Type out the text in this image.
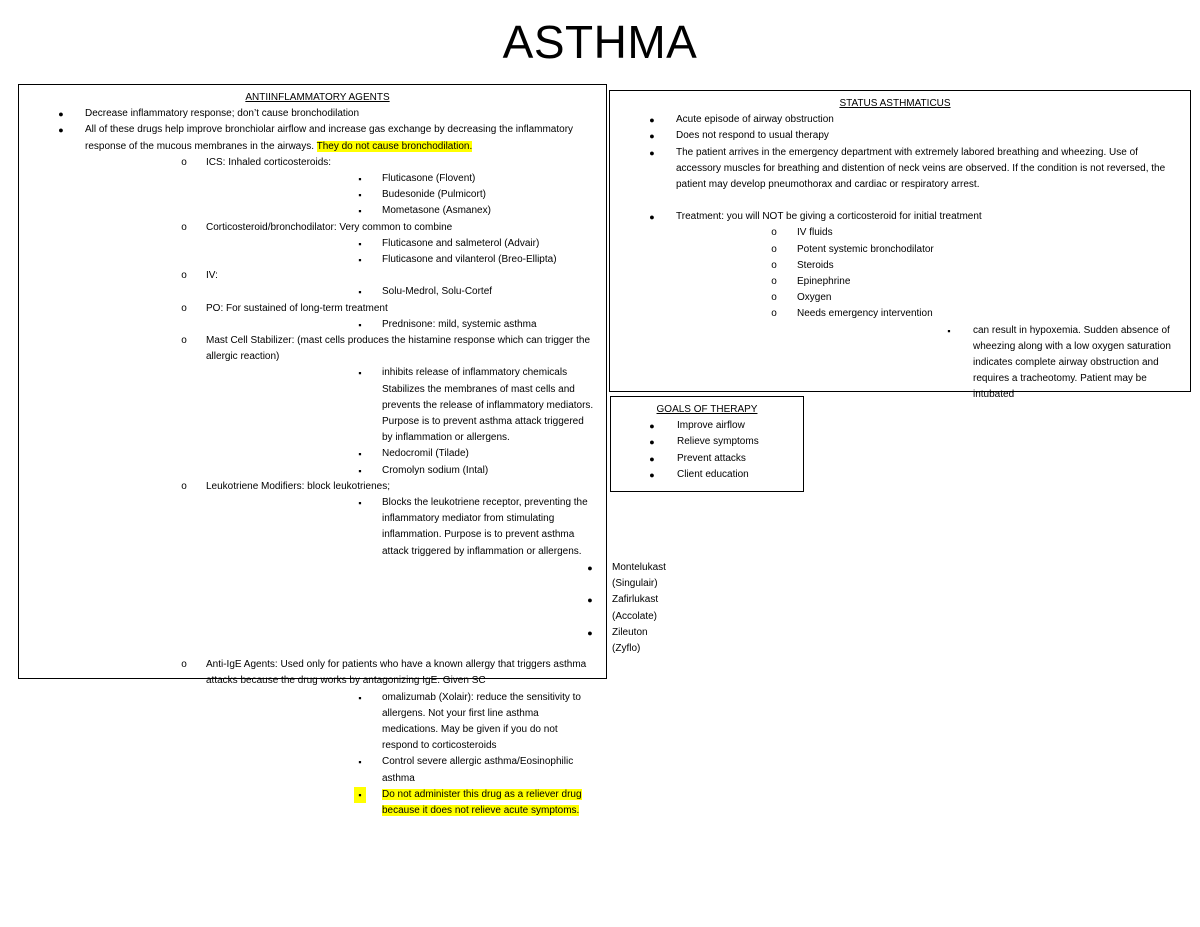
ASTHMA
ANTIINFLAMMATORY AGENTS
●	Decrease inflammatory response; don’t cause bronchodilation
●	All of these drugs help improve bronchiolar airflow and increase gas exchange by decreasing the inflammatory response of the mucous membranes in the airways. They do not cause bronchodilation.
o	ICS: Inhaled corticosteroids:
▪	Fluticasone (Flovent)
▪	Budesonide (Pulmicort)
▪	Mometasone (Asmanex)
o	Corticosteroid/bronchodilator: Very common to combine
▪	Fluticasone and salmeterol (Advair)
▪	Fluticasone and vilanterol (Breo-Ellipta)
o	IV:
▪	Solu-Medrol, Solu-Cortef
o	PO: For sustained of long-term treatment
▪	Prednisone: mild, systemic asthma
o	Mast Cell Stabilizer: (mast cells produces the histamine response which can trigger the allergic reaction)
▪	inhibits release of inflammatory chemicals Stabilizes the membranes of mast cells and prevents the release of inflammatory mediators. Purpose is to prevent asthma attack triggered by inflammation or allergens.
▪	Nedocromil (Tilade)
▪	Cromolyn sodium (Intal)
o	Leukotriene Modifiers: block leukotrienes;
▪	Blocks the leukotriene receptor, preventing the inflammatory mediator from stimulating inflammation. Purpose is to prevent asthma attack triggered by inflammation or allergens.
●	Montelukast (Singulair)
●	Zafirlukast (Accolate)
●	Zileuton (Zyflo)
o	Anti-IgE Agents: Used only for patients who have a known allergy that triggers asthma attacks because the drug works by antagonizing IgE. Given SC
▪	omalizumab (Xolair): reduce the sensitivity to allergens. Not your first line asthma medications. May be given if you do not respond to corticosteroids
▪	Control severe allergic asthma/Eosinophilic asthma
▪	Do not administer this drug as a reliever drug because it does not relieve acute symptoms.
STATUS ASTHMATICUS
●	Acute episode of airway obstruction
●	Does not respond to usual therapy
●	The patient arrives in the emergency department with extremely labored breathing and wheezing. Use of accessory muscles for breathing and distention of neck veins are observed. If the condition is not reversed, the patient may develop pneumothorax and cardiac or respiratory arrest.
●	Treatment: you will NOT be giving a corticosteroid for initial treatment
o	IV fluids
o	Potent systemic bronchodilator
o	Steroids
o	Epinephrine
o	Oxygen
o	Needs emergency intervention
▪	can result in hypoxemia. Sudden absence of wheezing along with a low oxygen saturation indicates complete airway obstruction and requires a tracheotomy. Patient may be intubated
GOALS OF THERAPY
●	Improve airflow
●	Relieve symptoms
●	Prevent attacks
●	Client education
